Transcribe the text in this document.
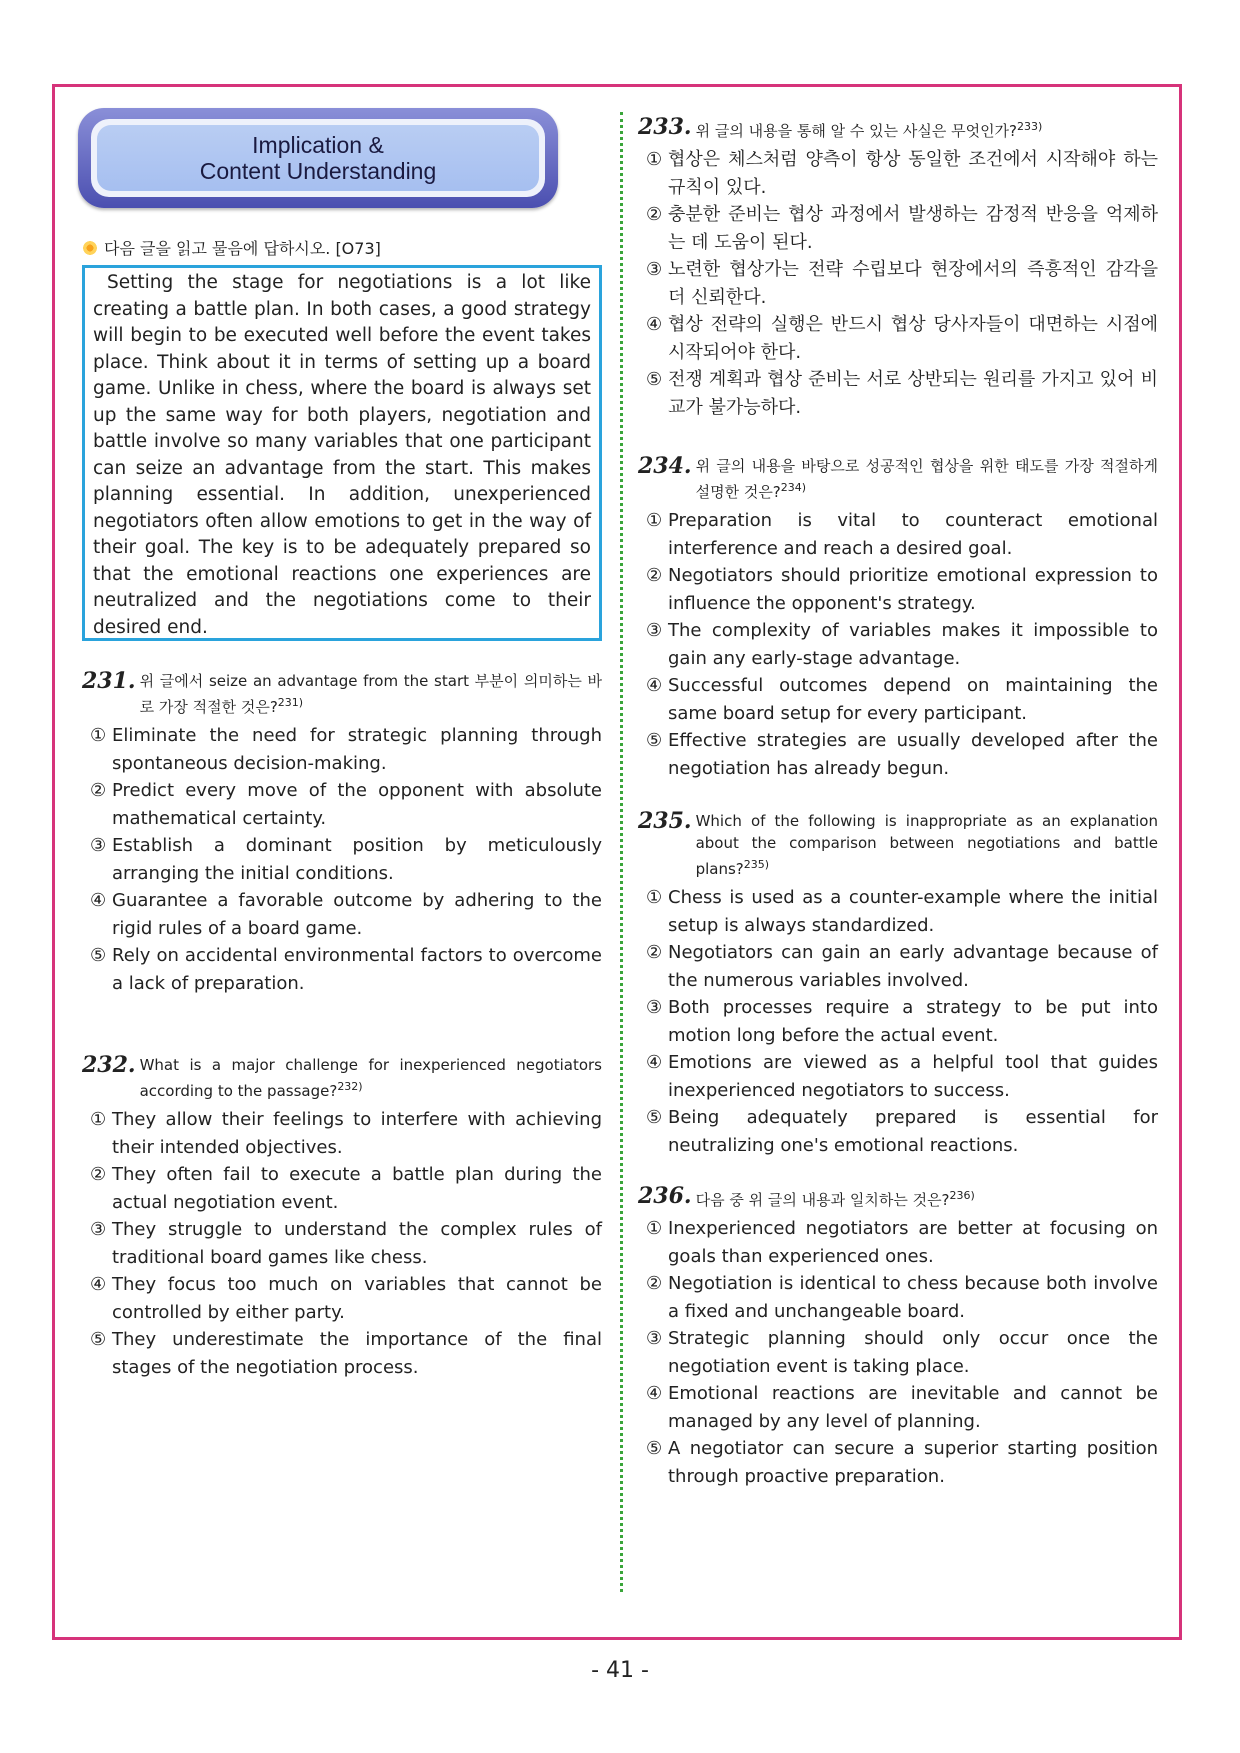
Implication &
Content Understanding
다음 글을 읽고 물음에 답하시오. [O73]

Setting the stage for negotiations is a lot like creating a battle plan. In both cases, a good strategy will begin to be executed well before the event takes place. Think about it in terms of setting up a board game. Unlike in chess, where the board is always set up the same way for both players, negotiation and battle involve so many variables that one participant can seize an advantage from the start. This makes planning essential. In addition, unexperienced negotiators often allow emotions to get in the way of their goal. The key is to be adequately prepared so that the emotional reactions one experiences are neutralized and the negotiations come to their desired end.

231. 위 글에서 seize an advantage from the start 부분이 의미하는 바로 가장 적절한 것은?$^{231)}$
① Eliminate the need for strategic planning through spontaneous decision-making.
② Predict every move of the opponent with absolute mathematical certainty.
③ Establish a dominant position by meticulously arranging the initial conditions.
④ Guarantee a favorable outcome by adhering to the rigid rules of a board game.
⑤ Rely on accidental environmental factors to overcome a lack of preparation.
232. What is a major challenge for inexperienced negotiators according to the passage?$^{232)}$
① They allow their feelings to interfere with achieving their intended objectives.
② They often fail to execute a battle plan during the actual negotiation event.
③ They struggle to understand the complex rules of traditional board games like chess.
④ They focus too much on variables that cannot be controlled by either party.
⑤ They underestimate the importance of the final stages of the negotiation process.
233. 위 글의 내용을 통해 알 수 있는 사실은 무엇인가?$^{233)}$
① 협상은 체스처럼 양측이 항상 동일한 조건에서 시작해야 하는 규칙이 있다.
② 충분한 준비는 협상 과정에서 발생하는 감정적 반응을 억제하는 데 도움이 된다.
③ 노련한 협상가는 전략 수립보다 현장에서의 즉흥적인 감각을 더 신뢰한다.
④ 협상 전략의 실행은 반드시 협상 당사자들이 대면하는 시점에 시작되어야 한다.
⑤ 전쟁 계획과 협상 준비는 서로 상반되는 원리를 가지고 있어 비교가 불가능하다.
234. 위 글의 내용을 바탕으로 성공적인 협상을 위한 태도를 가장 적절하게 설명한 것은?$^{234)}$
① Preparation is vital to counteract emotional interference and reach a desired goal.
② Negotiators should prioritize emotional expression to influence the opponent's strategy.
③ The complexity of variables makes it impossible to gain any early-stage advantage.
④ Successful outcomes depend on maintaining the same board setup for every participant.
⑤ Effective strategies are usually developed after the negotiation has already begun.
235. Which of the following is inappropriate as an explanation about the comparison between negotiations and battle plans?$^{235)}$
① Chess is used as a counter-example where the initial setup is always standardized.
② Negotiators can gain an early advantage because of the numerous variables involved.
③ Both processes require a strategy to be put into motion long before the actual event.
④ Emotions are viewed as a helpful tool that guides inexperienced negotiators to success.
⑤ Being adequately prepared is essential for neutralizing one's emotional reactions.
236. 다음 중 위 글의 내용과 일치하는 것은?$^{236)}$
① Inexperienced negotiators are better at focusing on goals than experienced ones.
② Negotiation is identical to chess because both involve a fixed and unchangeable board.
③ Strategic planning should only occur once the negotiation event is taking place.
④ Emotional reactions are inevitable and cannot be managed by any level of planning.
⑤ A negotiator can secure a superior starting position through proactive preparation.
- 41 -
